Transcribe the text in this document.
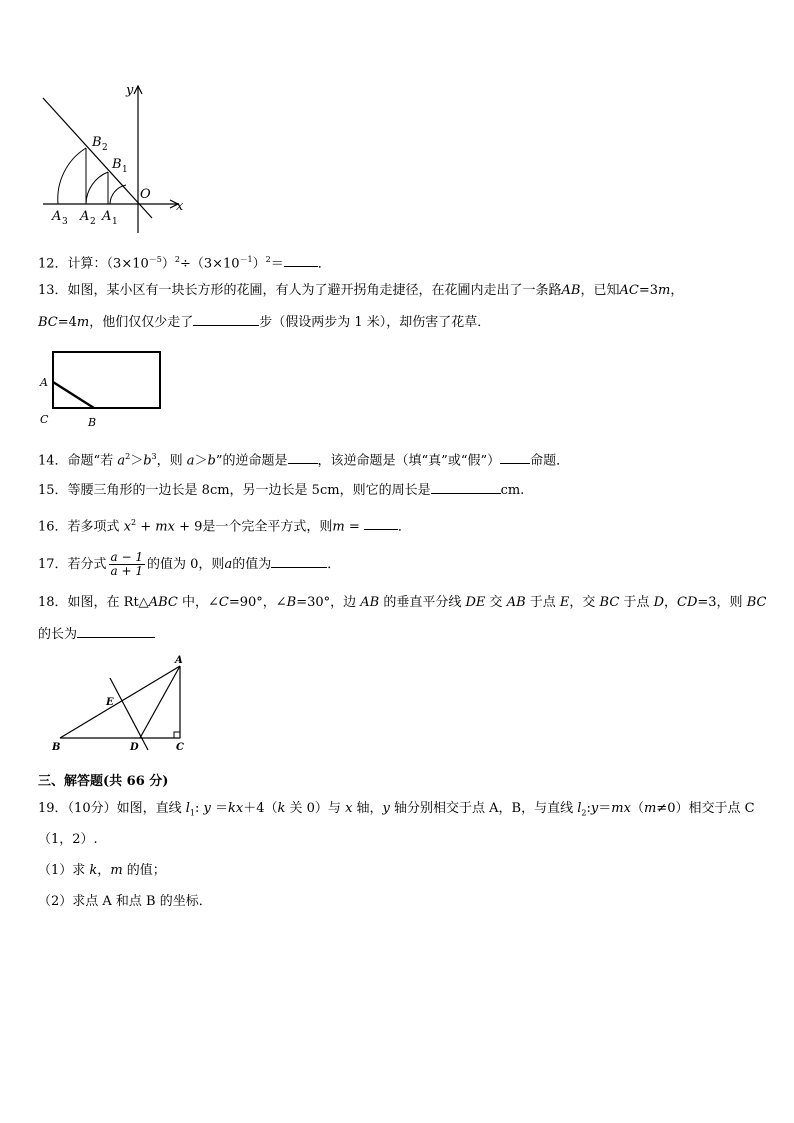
y
x
O
B 2
B 1
A 3 A 2 A 1
12．计算：$(3\times 10^{-5})^2\div(3\times 10^{-1})^2=$	．
13．如图，某小区有一块长方形的花圃，有人为了避开拐角走捷径，在花圃内走出了一条路AB，已知AC=3m，
BC=4m，他们仅仅少走了	步（假设两步为 1 米），却伤害了花草．
A
C	B
14．命题“若 $a^2>b^3$，则 a＞b”的逆命题是 ，该逆命题是（填“真”或“假”） 命题．
15．等腰三角形的一边长是 8cm，另一边长是 5cm，则它的周长是	cm.
16．若多项式 $x^2$ + mx + 9是一个完全平方式，则m =	．
17．若分式 $\frac{a - 1}{a + 1}$ 的值为 0，则a的值为	．
18．如图，在 Rt△ABC 中，∠C=90°，∠B=30°，边 AB 的垂直平分线 DE 交 AB 于点 E，交 BC 于点 D，CD=3，则 BC
的长为
A
E
B	D	C
三、解答题(共 66 分)
19．（10分）如图，直线 $l_1$: y ＝kx＋4（k 关 0）与 x 轴，y 轴分别相交于点 A，B，与直线 $l_2:y=mx(m\ne 0)$相交于点 C
（1，2）.
（1）求 k，m 的值；
（2）求点 A 和点 B 的坐标．
